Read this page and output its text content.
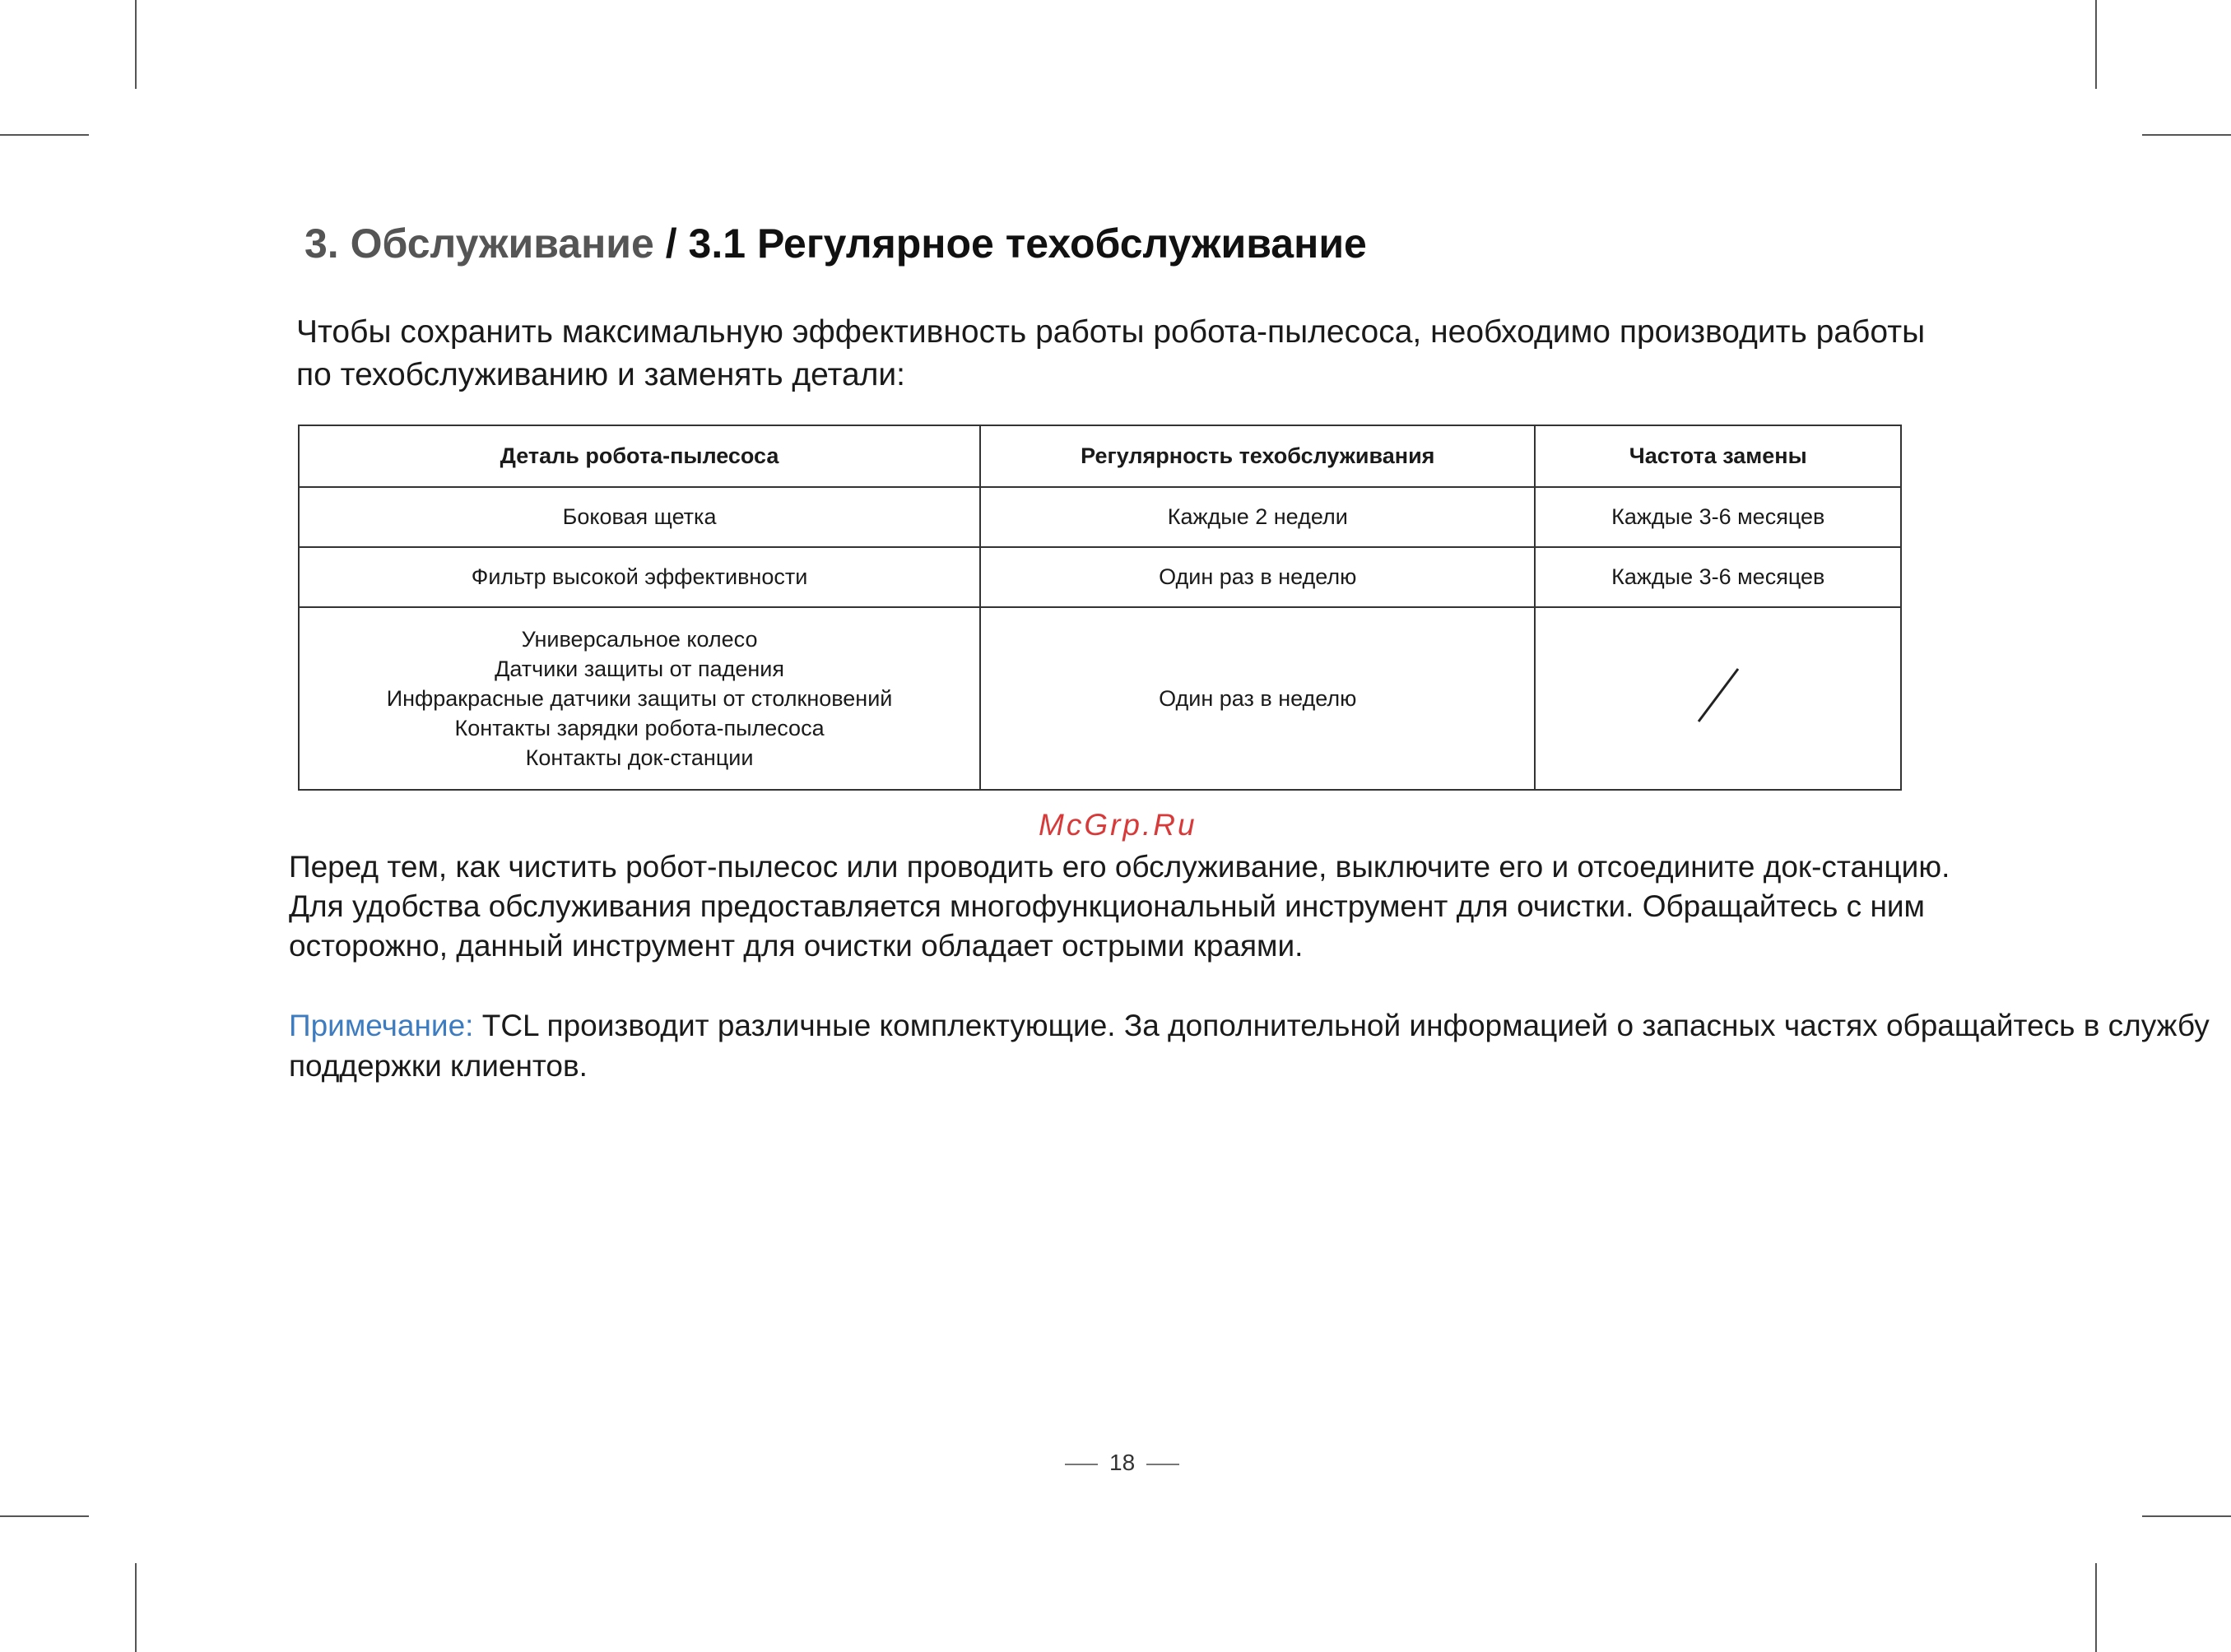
3. Обслуживание / 3.1 Регулярное техобслуживание

Чтобы сохранить максимальную эффективность работы робота-пылесоса, необходимо производить работы по техобслуживанию и заменять детали:

Деталь робота-пылесоса	Регулярность техобслуживания	Частота замены
Боковая щетка	Каждые 2 недели	Каждые 3-6 месяцев
Фильтр высокой эффективности	Один раз в неделю	Каждые 3-6 месяцев

Универсальное колесо
Датчики защиты от падения
Инфракрасные датчики защиты от столкновений
Контакты зарядки робота-пылесоса
Контакты док-станции	Один раз в неделю	
McGrp.Ru
Перед тем, как чистить робот-пылесос или проводить его обслуживание, выключите его и отсоедините док-станцию.
Для удобства обслуживания предоставляется многофункциональный инструмент для очистки. Обращайтесь с ним
осторожно, данный инструмент для очистки обладает острыми краями.

Примечание: TCL производит различные комплектующие. За дополнительной информацией о запасных частях обращайтесь в службу поддержки клиентов.

18
